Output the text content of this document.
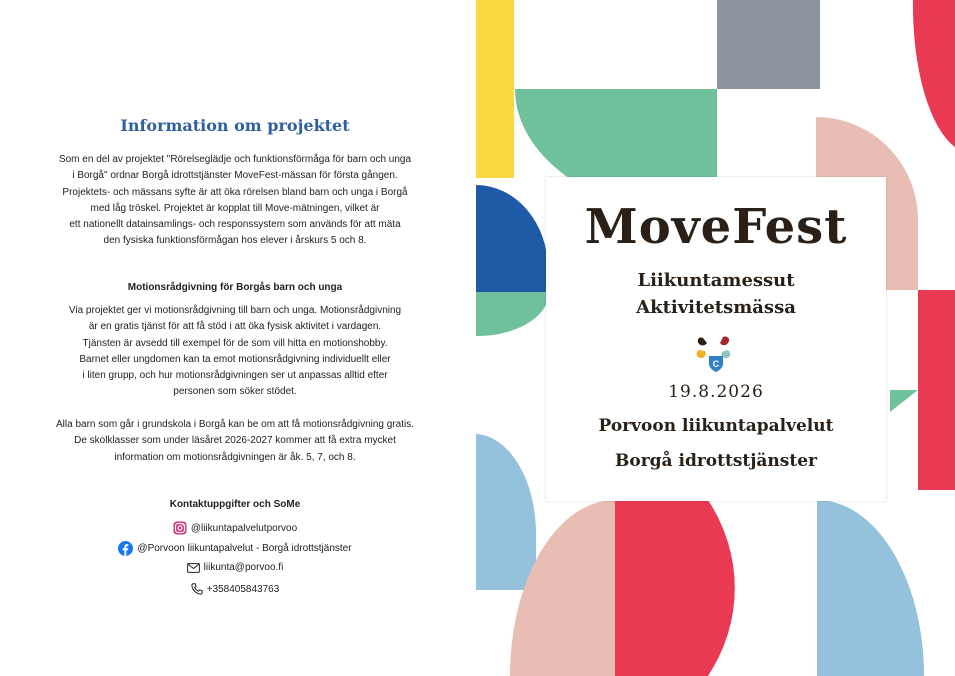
Information om projektet

Som en del av projektet "Rörelseglädje och funktionsförmåga för barn och unga
i Borgå" ordnar Borgå idrottstjänster MoveFest-mässan för första gången.
Projektets- och mässans syfte är att öka rörelsen bland barn och unga i Borgå
med låg tröskel. Projektet är kopplat till Move-mätningen, vilket är
ett nationellt datainsamlings- och responssystem som används för att mäta
den fysiska funktionsförmågan hos elever i årskurs 5 och 8.

Motionsrådgivning för Borgås barn och unga

Via projektet ger vi motionsrådgivning till barn och unga. Motionsrådgivning
är en gratis tjänst för att få stöd i att öka fysisk aktivitet i vardagen.
Tjänsten är avsedd till exempel för de som vill hitta en motionshobby.
Barnet eller ungdomen kan ta emot motionsrådgivning individuellt eller
i liten grupp, och hur motionsrådgivningen ser ut anpassas alltid efter
personen som söker stödet.

Alla barn som går i grundskola i Borgå kan be om att få motionsrådgivning gratis.
De skolklasser som under läsåret 2026-2027 kommer att få extra mycket
information om motionsrådgivningen är åk. 5, 7, och 8.

Kontaktuppgifter och SoMe

@liikuntapalvelutporvoo
@Porvoon liikuntapalvelut - Borgå idrottstjänster
liikunta@porvoo.fi
+358405843763
MoveFest

Liikuntamessut

Aktivitetsmässa

C

19.8.2026

Porvoon liikuntapalvelut

Borgå idrottstjänster
